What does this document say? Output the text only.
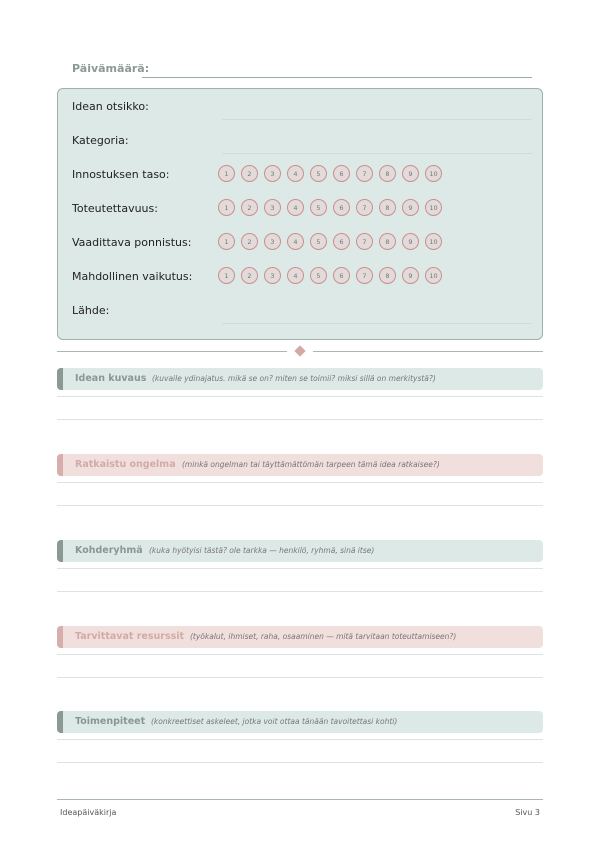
Päivämäärä:
Idean otsikko:
Kategoria:
Innostuksen taso:	1	2	3	4	5	6	7	8	9	10
Toteutettavuus:	1	2	3	4	5	6	7	8	9	10
Vaadittava ponnistus:	1	2	3	4	5	6	7	8	9	10
Mahdollinen vaikutus:	1	2	3	4	5	6	7	8	9	10
Lähde:
Idean kuvaus (kuvaile ydinajatus. mikä se on? miten se toimii? miksi sillä on merkitystä?)
Ratkaistu ongelma (minkä ongelman tai täyttämättömän tarpeen tämä idea ratkaisee?)
Kohderyhmä (kuka hyötyisi tästä? ole tarkka — henkilö, ryhmä, sinä itse)
Tarvittavat resurssit (työkalut, ihmiset, raha, osaaminen — mitä tarvitaan toteuttamiseen?)
Toimenpiteet (konkreettiset askeleet, jotka voit ottaa tänään tavoitettasi kohti)
Ideapäiväkirja	Sivu 3
